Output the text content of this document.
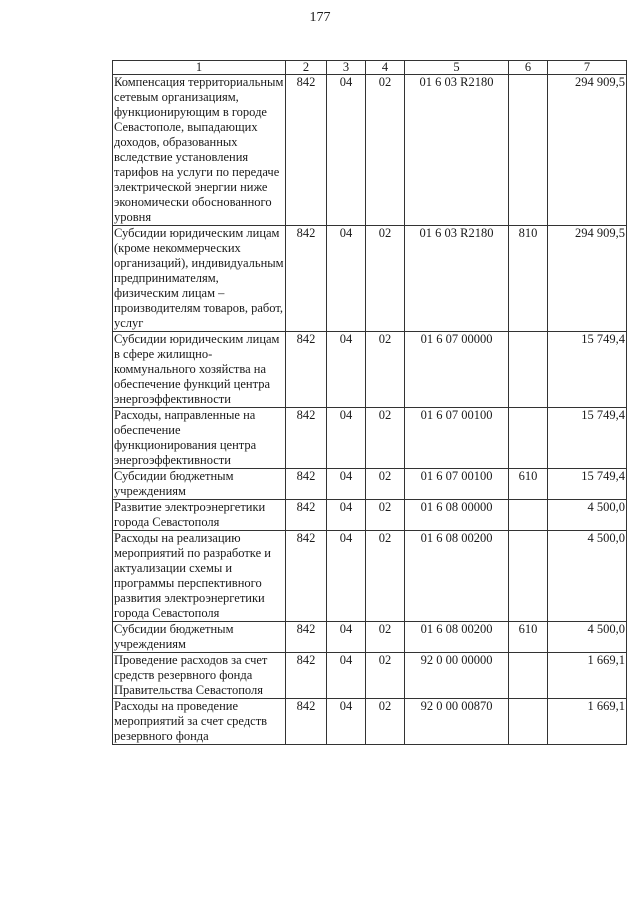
177
1	2	3	4	5	6	7
Компенсация территориальным сетевым организациям, функционирующим в городе Севастополе, выпадающих доходов, образованных вследствие установления тарифов на услуги по передаче электрической энергии ниже экономически обоснованного уровня	842	04	02	01 6 03 R2180		294 909,5
Субсидии юридическим лицам (кроме некоммерческих организаций), индивидуальным предпринимателям, физическим лицам – производителям товаров, работ, услуг	842	04	02	01 6 03 R2180	810	294 909,5
Субсидии юридическим лицам в сфере жилищно-коммунального хозяйства на обеспечение функций центра энергоэффективности	842	04	02	01 6 07 00000		15 749,4
Расходы, направленные на обеспечение функционирования центра энергоэффективности	842	04	02	01 6 07 00100		15 749,4
Субсидии бюджетным учреждениям	842	04	02	01 6 07 00100	610	15 749,4
Развитие электроэнергетики города Севастополя	842	04	02	01 6 08 00000		4 500,0
Расходы на реализацию мероприятий по разработке и актуализации схемы и программы перспективного развития электроэнергетики города Севастополя	842	04	02	01 6 08 00200		4 500,0
Субсидии бюджетным учреждениям	842	04	02	01 6 08 00200	610	4 500,0
Проведение расходов за счет средств резервного фонда Правительства Севастополя	842	04	02	92 0 00 00000		1 669,1
Расходы на проведение мероприятий за счет средств резервного фонда	842	04	02	92 0 00 00870		1 669,1
